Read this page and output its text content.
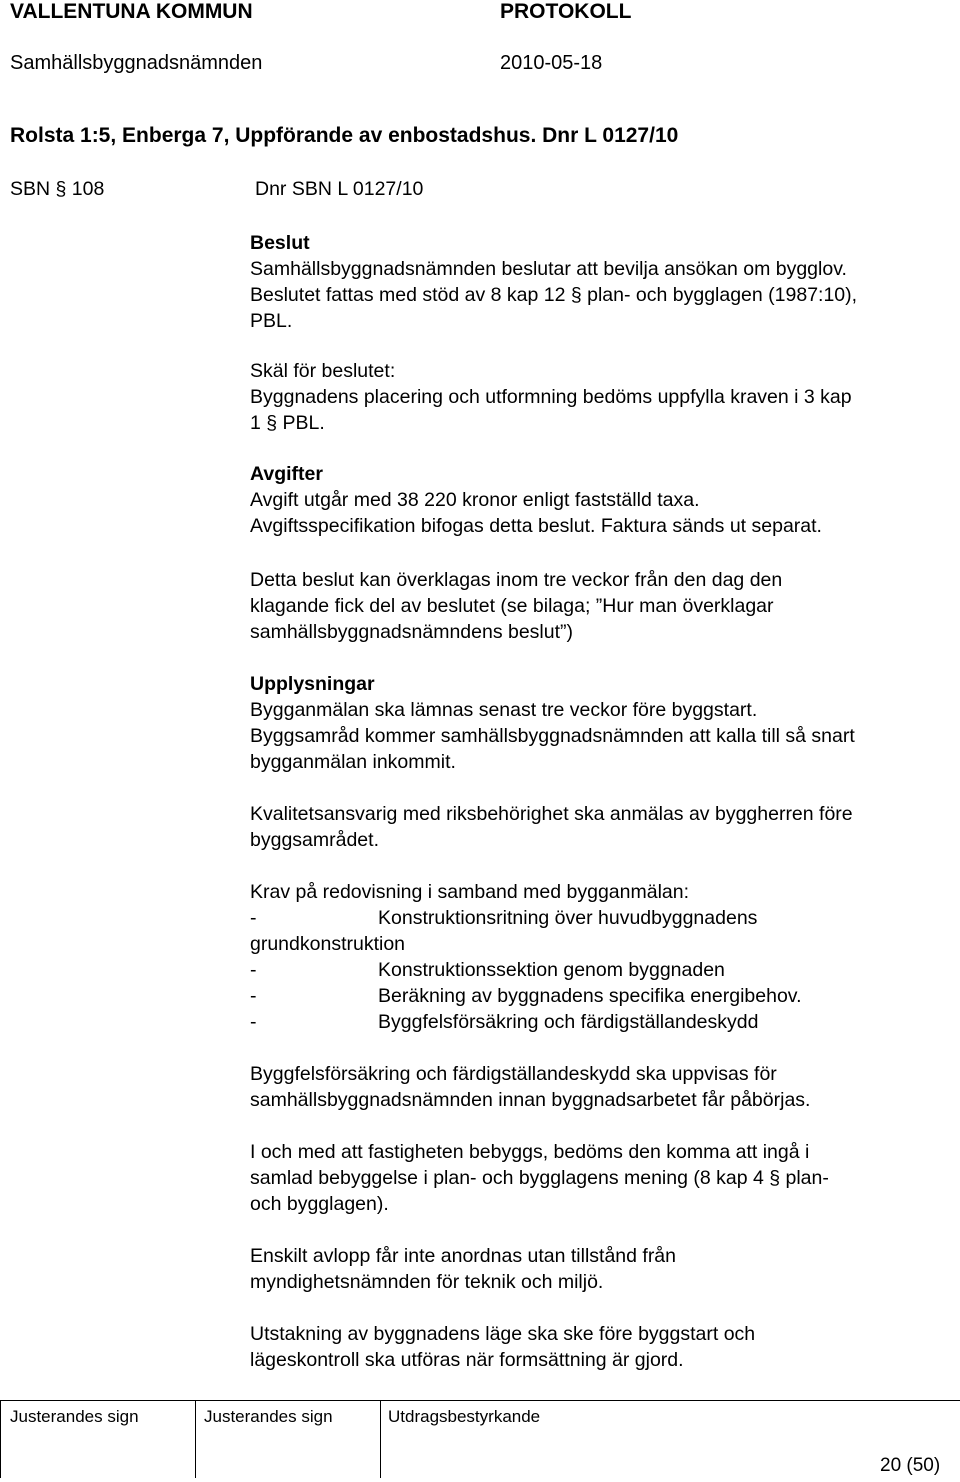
VALLENTUNA KOMMUN	PROTOKOLL
Samhällsbyggnadsnämnden	2010-05-18
Rolsta 1:5, Enberga 7, Uppförande av enbostadshus. Dnr L 0127/10
SBN § 108	Dnr SBN L 0127/10
Beslut
Samhällsbyggnadsnämnden beslutar att bevilja ansökan om bygglov.
Beslutet fattas med stöd av 8 kap 12 § plan- och bygglagen (1987:10),
PBL.
Skäl för beslutet:
Byggnadens placering och utformning bedöms uppfylla kraven i 3 kap
1 § PBL.
Avgifter
Avgift utgår med 38 220 kronor enligt fastställd taxa.
Avgiftsspecifikation bifogas detta beslut. Faktura sänds ut separat.
Detta beslut kan överklagas inom tre veckor från den dag den
klagande fick del av beslutet (se bilaga; ”Hur man överklagar
samhällsbyggnadsnämndens beslut”)
Upplysningar
Bygganmälan ska lämnas senast tre veckor före byggstart.
Byggsamråd kommer samhällsbyggnadsnämnden att kalla till så snart
bygganmälan inkommit.
Kvalitetsansvarig med riksbehörighet ska anmälas av byggherren före
byggsamrådet.
Krav på redovisning i samband med bygganmälan:
-	Konstruktionsritning över huvudbyggnadens
grundkonstruktion
-	Konstruktionssektion genom byggnaden
-	Beräkning av byggnadens specifika energibehov.
-	Byggfelsförsäkring och färdigställandeskydd
Byggfelsförsäkring och färdigställandeskydd ska uppvisas för
samhällsbyggnadsnämnden innan byggnadsarbetet får påbörjas.
I och med att fastigheten bebyggs, bedöms den komma att ingå i
samlad bebyggelse i plan- och bygglagens mening (8 kap 4 § plan-
och bygglagen).
Enskilt avlopp får inte anordnas utan tillstånd från
myndighetsnämnden för teknik och miljö.
Utstakning av byggnadens läge ska ske före byggstart och
lägeskontroll ska utföras när formsättning är gjord.
Justerandes sign	Justerandes sign	Utdragsbestyrkande
20 (50)
